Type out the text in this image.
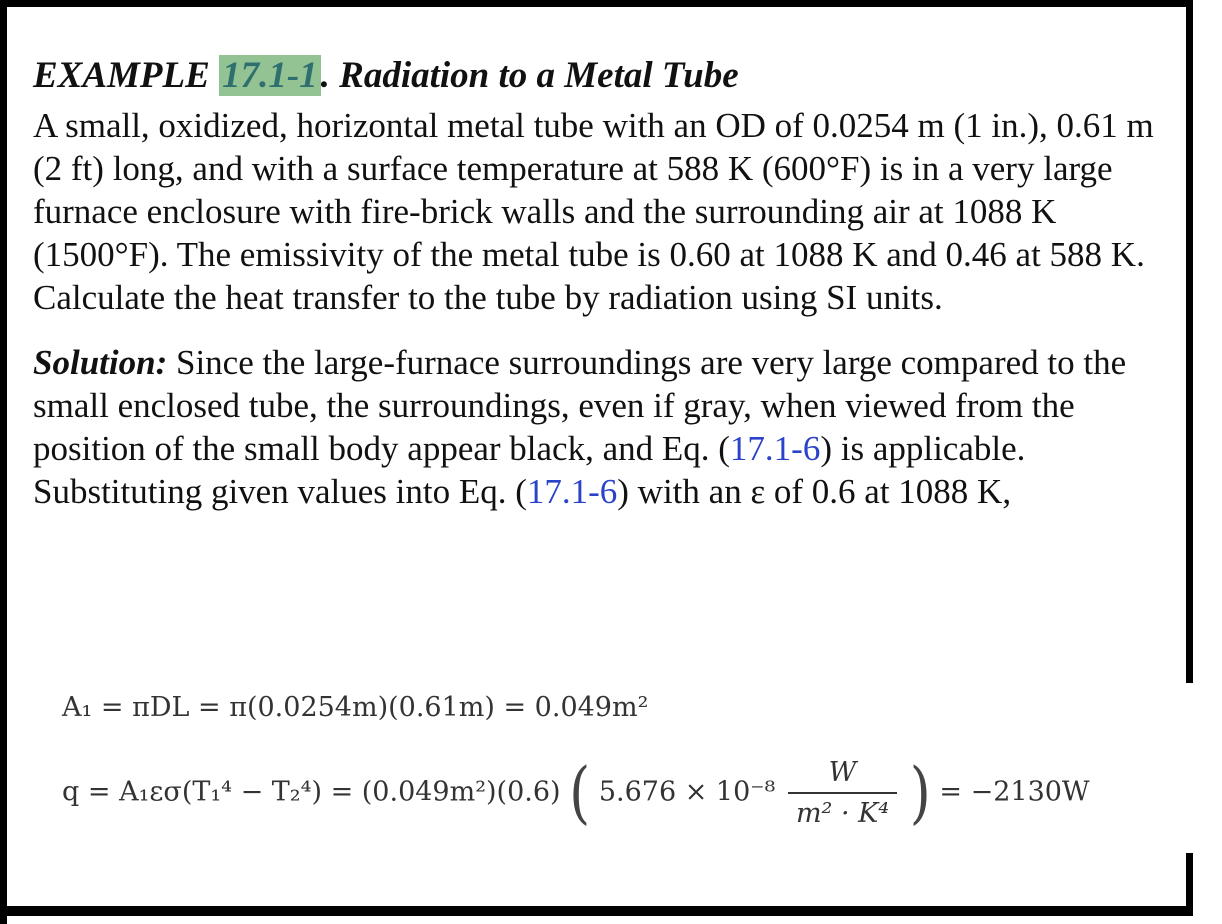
EXAMPLE 17.1-1. Radiation to a Metal Tube

A small, oxidized, horizontal metal tube with an OD of 0.0254 m (1 in.), 0.61 m (2 ft) long, and with a surface temperature at 588 K (600°F) is in a very large furnace enclosure with fire-brick walls and the surrounding air at 1088 K (1500°F). The emissivity of the metal tube is 0.60 at 1088 K and 0.46 at 588 K. Calculate the heat transfer to the tube by radiation using SI units.

Solution: Since the large-furnace surroundings are very large compared to the small enclosed tube, the surroundings, even if gray, when viewed from the position of the small body appear black, and Eq. (17.1-6) is applicable. Substituting given values into Eq. (17.1-6) with an ε of 0.6 at 1088 K,

A₁ = πDL = π(0.0254m)(0.61m) = 0.049m²
q = A₁εσ(T₁⁴ − T₂⁴) = (0.049m²)(0.6) ( $5.676 \times 10^{-8} \frac{W}{\text{m² · K⁴}}$ ) = −2130W
